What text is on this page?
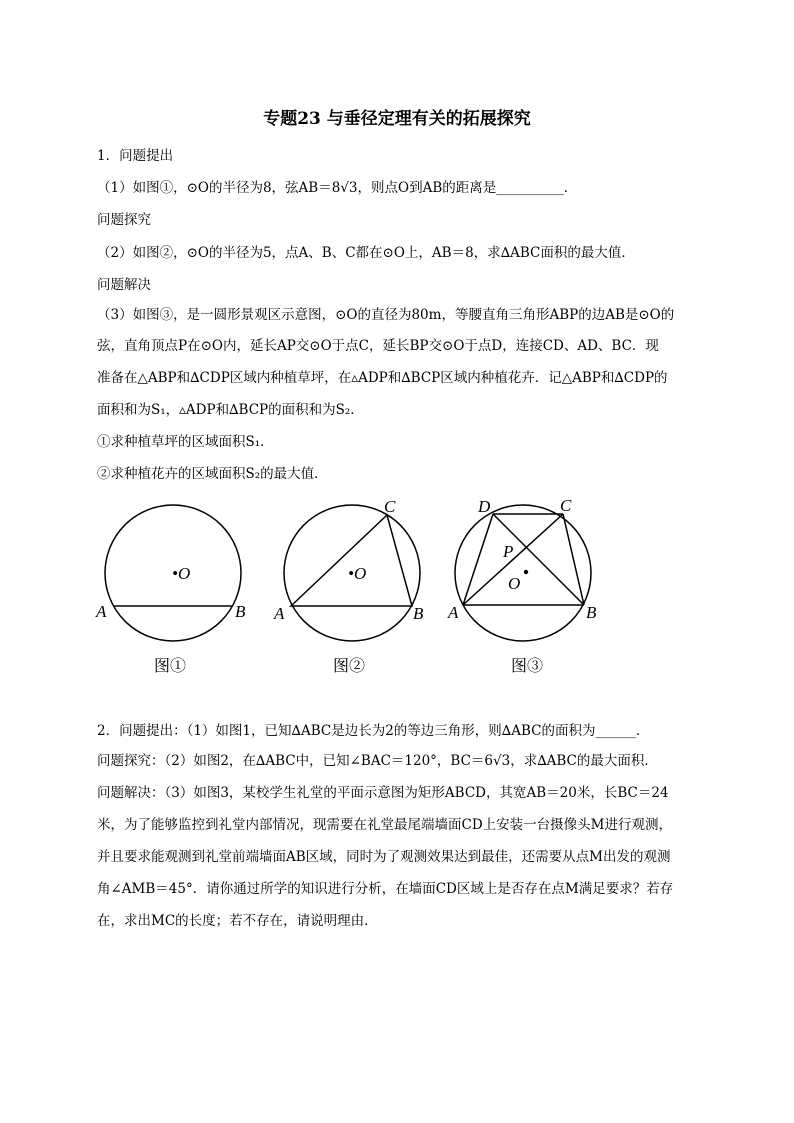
专题23 与垂径定理有关的拓展探究
1．问题提出
（1）如图①，⊙O的半径为8，弦AB＝8√3，则点O到AB的距离是__________．
问题探究
（2）如图②，⊙O的半径为5，点A、B、C都在⊙O上，AB＝8，求∆ABC面积的最大值．
问题解决
（3）如图③，是一圆形景观区示意图，⊙O的直径为80m，等腰直角三角形ABP的边AB是⊙O的
弦，直角顶点P在⊙O内，延长AP交⊙O于点C，延长BP交⊙O于点D，连接CD、AD、BC．现
准备在△ABP和∆CDP区域内种植草坪，在▵ADP和∆BCP区域内种植花卉．记△ABP和∆CDP的
面积和为S₁，▵ADP和∆BCP的面积和为S₂．
①求种植草坪的区域面积S₁．
②求种植花卉的区域面积S₂的最大值．
•O
A	B
图①
•O
A	B
C
图②
O
P
A	B
C
D
图③
2．问题提出：（1）如图1，已知∆ABC是边长为2的等边三角形，则∆ABC的面积为______．
问题探究：（2）如图2，在∆ABC中，已知∠BAC＝120°，BC＝6√3，求∆ABC的最大面积．
问题解决：（3）如图3，某校学生礼堂的平面示意图为矩形ABCD，其宽AB＝20米，长BC＝24
米，为了能够监控到礼堂内部情况，现需要在礼堂最尾端墙面CD上安装一台摄像头M进行观测，
并且要求能观测到礼堂前端墙面AB区域，同时为了观测效果达到最佳，还需要从点M出发的观测
角∠AMB＝45°．请你通过所学的知识进行分析，在墙面CD区域上是否存在点M满足要求？若存
在，求出MC的长度；若不存在，请说明理由．
